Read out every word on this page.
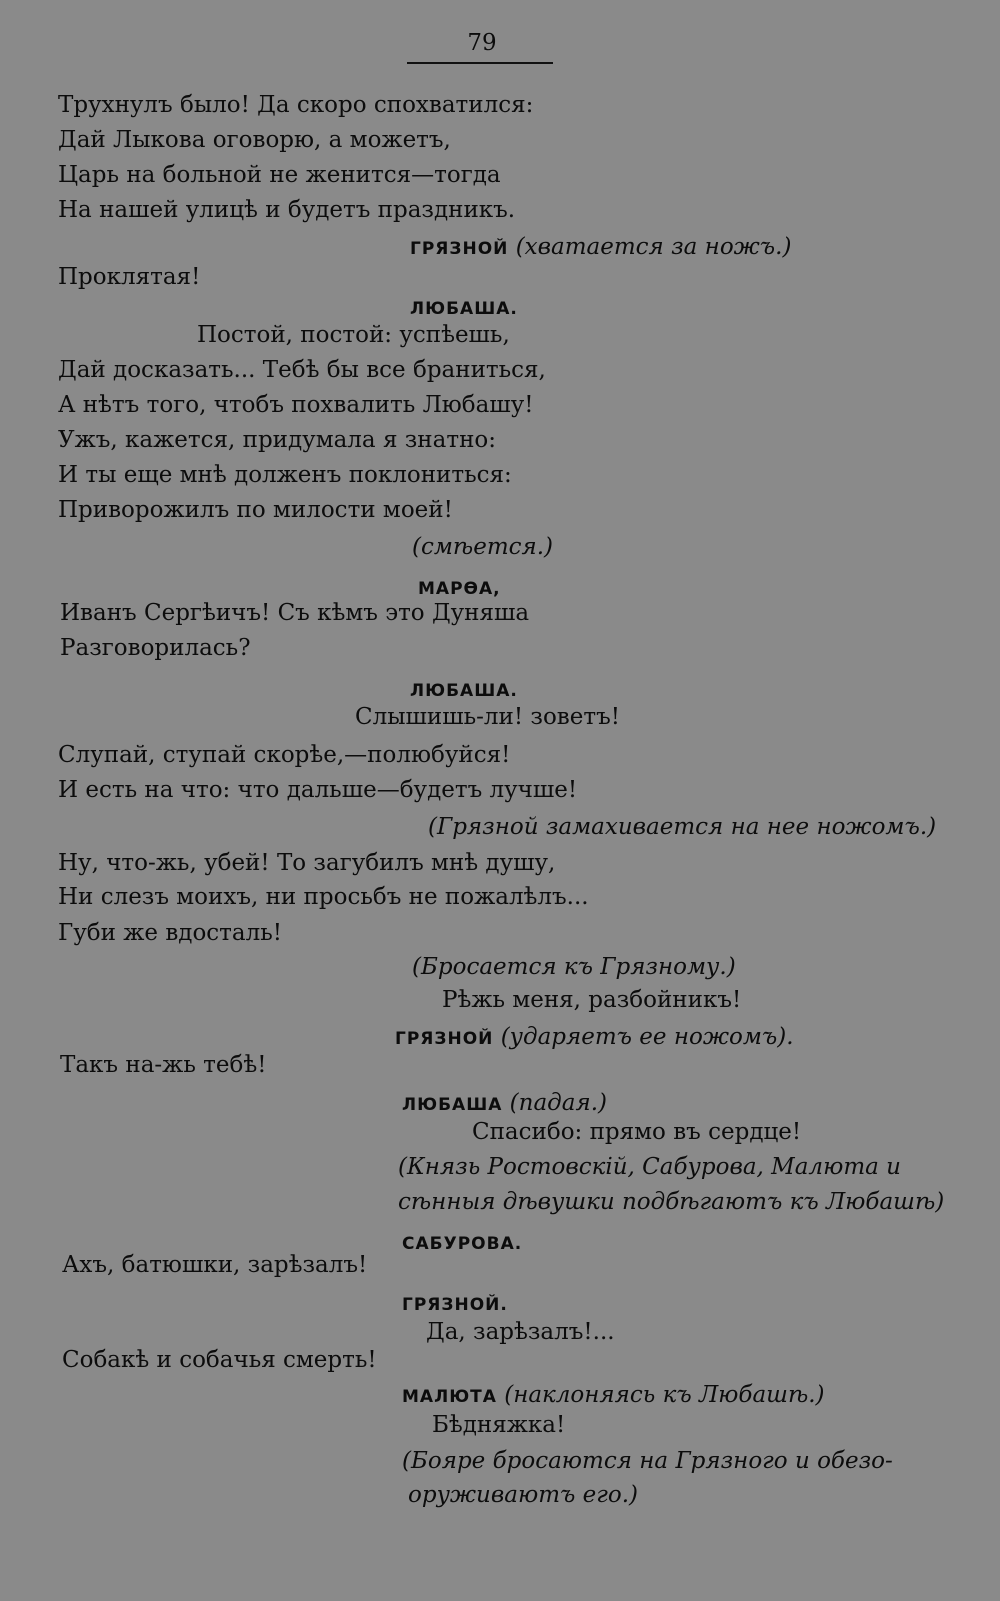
79
Трухнулъ было! Да скоро спохватился:
Дай Лыкова оговорю, а можетъ,
Царь на больной не женится—тогда
На нашей улицѣ и будетъ праздникъ.
ГРЯЗНОЙ (хватается за ножъ.)
Проклятая!
ЛЮБАША.
Постой, постой: успѣешь,
Дай досказать... Тебѣ бы все браниться,
А нѣтъ того, чтобъ похвалить Любашу!
Ужъ, кажется, придумала я знатно:
И ты еще мнѣ долженъ поклониться:
Приворожилъ по милости моей!
(смѣется.)
МАРѲА,
Иванъ Сергѣичъ! Съ кѣмъ это Дуняша
Разговорилась?
ЛЮБАША.
Слышишь-ли! зоветъ!
Слупай, ступай скорѣе,—полюбуйся!
И есть на что: что дальше—будетъ лучше!
(Грязной замахивается на нее ножомъ.)
Ну, что-жь, убей! То загубилъ мнѣ душу,
Ни слезъ моихъ, ни просьбъ не пожалѣлъ...
Губи же вдосталь!
(Бросается къ Грязному.)
Рѣжь меня, разбойникъ!
ГРЯЗНОЙ (ударяетъ ее ножомъ).
Такъ на-жь тебѣ!
ЛЮБАША (падая.)
Спасибо: прямо въ сердце!
(Князь Ростовскій, Сабурова, Малюта и
сѣнныя дѣвушки подбѣгаютъ къ Любашѣ)
САБУРОВА.
Ахъ, батюшки, зарѣзалъ!
ГРЯЗНОЙ.
Да, зарѣзалъ!...
Собакѣ и собачья смерть!
МАЛЮТА (наклоняясь къ Любашѣ.)
Бѣдняжка!
(Бояре бросаются на Грязного и обезо-
оруживаютъ его.)
